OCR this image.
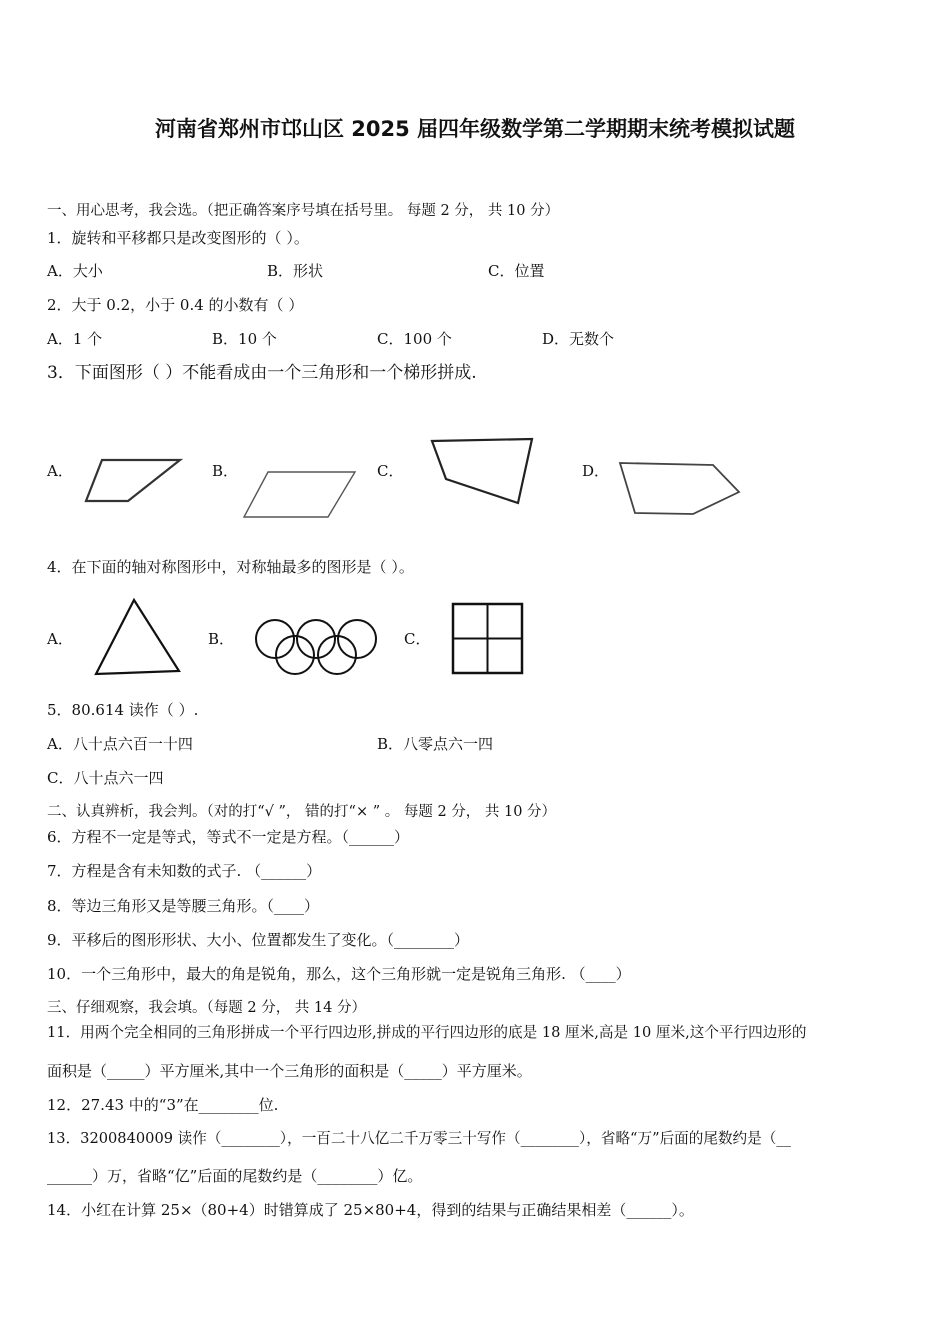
河南省郑州市邙山区 2025 届四年级数学第二学期期末统考模拟试题
一、用心思考，我会选。（把正确答案序号填在括号里。 每题 2 分， 共 10 分）
1．旋转和平移都只是改变图形的（ ）。
A．大小	B．形状	C．位置
2．大于 0.2，小于 0.4 的小数有（ ）
A．1 个	B．10 个	C．100 个	D．无数个
3．下面图形（ ）不能看成由一个三角形和一个梯形拼成.
A．	B．	C．	D．
4．在下面的轴对称图形中，对称轴最多的图形是（ ）。
A．	B．	C．
5．80.614 读作（ ）.
A．八十点六百一十四	B．八零点六一四
C．八十点六一四
二、认真辨析，我会判。（对的打“√ ”， 错的打“× ” 。 每题 2 分， 共 10 分）
6．方程不一定是等式，等式不一定是方程。（______）
7．方程是含有未知数的式子. （______）
8．等边三角形又是等腰三角形。（____）
9．平移后的图形形状、大小、位置都发生了变化。（________）
10．一个三角形中，最大的角是锐角，那么，这个三角形就一定是锐角三角形. （____）
三、仔细观察，我会填。（每题 2 分， 共 14 分）
11．用两个完全相同的三角形拼成一个平行四边形,拼成的平行四边形的底是 18 厘米,高是 10 厘米,这个平行四边形的
面积是（_____）平方厘米,其中一个三角形的面积是（_____）平方厘米。
12．27.43 中的“3”在________位.
13．3200840009 读作（________），一百二十八亿二千万零三十写作（________），省略“万”后面的尾数约是（__
______）万，省略“亿”后面的尾数约是（________）亿。
14．小红在计算 25×（80+4）时错算成了 25×80+4，得到的结果与正确结果相差（______）。
